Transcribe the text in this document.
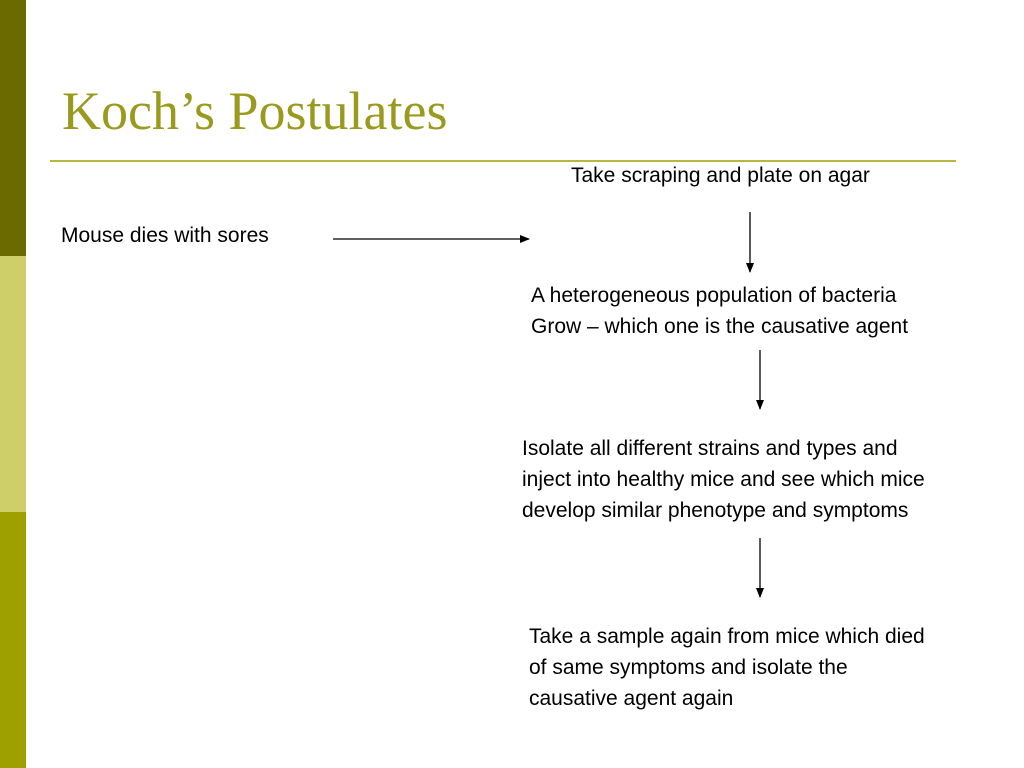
Koch’s Postulates

Take scraping and plate on agar

Mouse dies with sores

A heterogeneous population of bacteria
Grow – which one is the causative agent

Isolate all different strains and types and
inject into healthy mice and see which mice
develop similar phenotype and symptoms

Take a sample again from mice which died
of same symptoms and isolate the
causative agent again
